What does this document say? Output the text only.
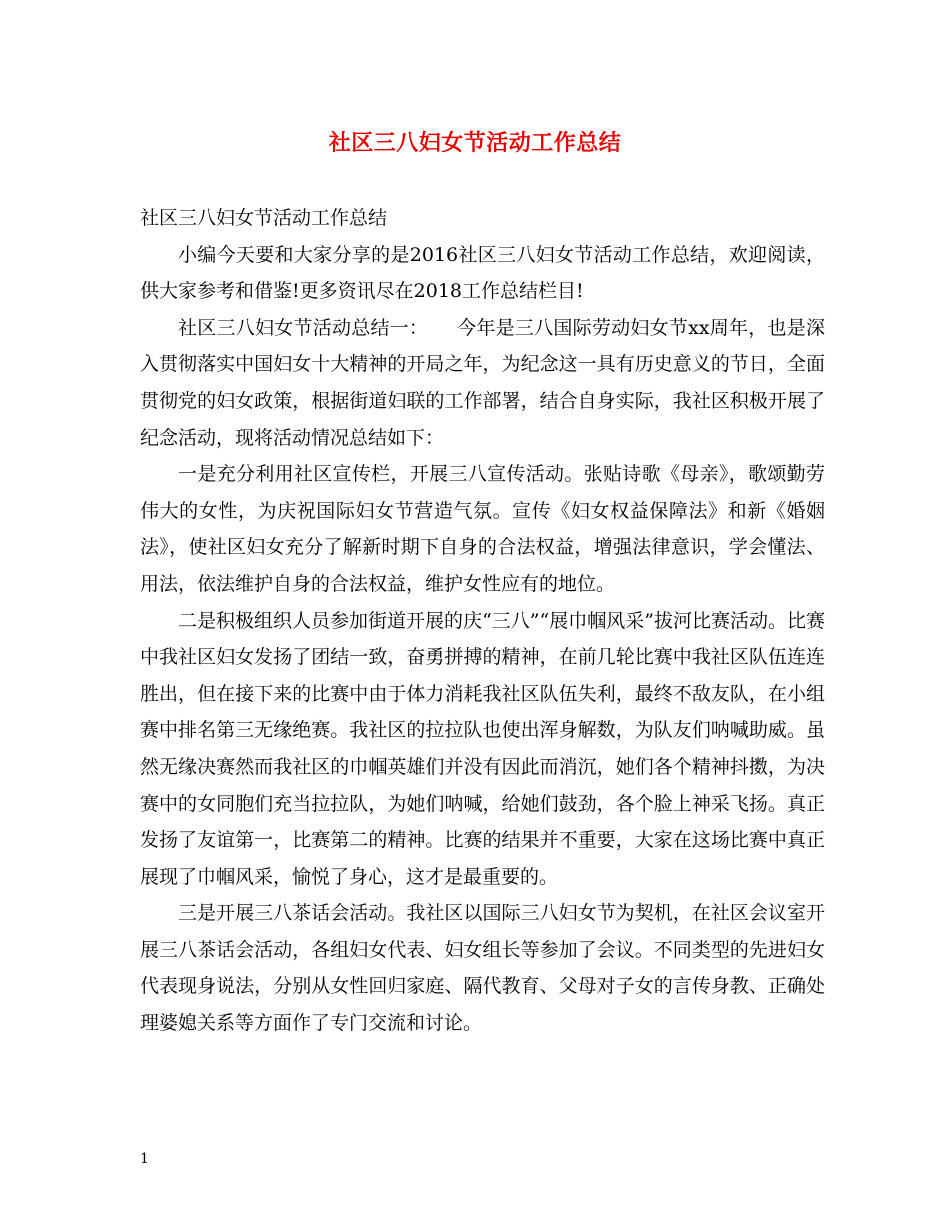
社区三八妇女节活动工作总结

社区三八妇女节活动工作总结

小编今天要和大家分享的是2016社区三八妇女节活动工作总结，欢迎阅读，供大家参考和借鉴!更多资讯尽在2018工作总结栏目!

社区三八妇女节活动总结一：　　今年是三八国际劳动妇女节xx周年，也是深入贯彻落实中国妇女十大精神的开局之年，为纪念这一具有历史意义的节日，全面贯彻党的妇女政策，根据街道妇联的工作部署，结合自身实际，我社区积极开展了纪念活动，现将活动情况总结如下：

一是充分利用社区宣传栏，开展三八宣传活动。张贴诗歌《母亲》，歌颂勤劳伟大的女性，为庆祝国际妇女节营造气氛。宣传《妇女权益保障法》和新《婚姻法》，使社区妇女充分了解新时期下自身的合法权益，增强法律意识，学会懂法、用法，依法维护自身的合法权益，维护女性应有的地位。

二是积极组织人员参加街道开展的庆“三八”“展巾帼风采”拔河比赛活动。比赛中我社区妇女发扬了团结一致，奋勇拼搏的精神，在前几轮比赛中我社区队伍连连胜出，但在接下来的比赛中由于体力消耗我社区队伍失利，最终不敌友队，在小组赛中排名第三无缘绝赛。我社区的拉拉队也使出浑身解数，为队友们呐喊助威。虽然无缘决赛然而我社区的巾帼英雄们并没有因此而消沉，她们各个精神抖擞，为决赛中的女同胞们充当拉拉队，为她们呐喊，给她们鼓劲，各个脸上神采飞扬。真正发扬了友谊第一，比赛第二的精神。比赛的结果并不重要，大家在这场比赛中真正展现了巾帼风采，愉悦了身心，这才是最重要的。

三是开展三八茶话会活动。我社区以国际三八妇女节为契机，在社区会议室开展三八茶话会活动，各组妇女代表、妇女组长等参加了会议。不同类型的先进妇女代表现身说法，分别从女性回归家庭、隔代教育、父母对子女的言传身教、正确处理婆媳关系等方面作了专门交流和讨论。

1
